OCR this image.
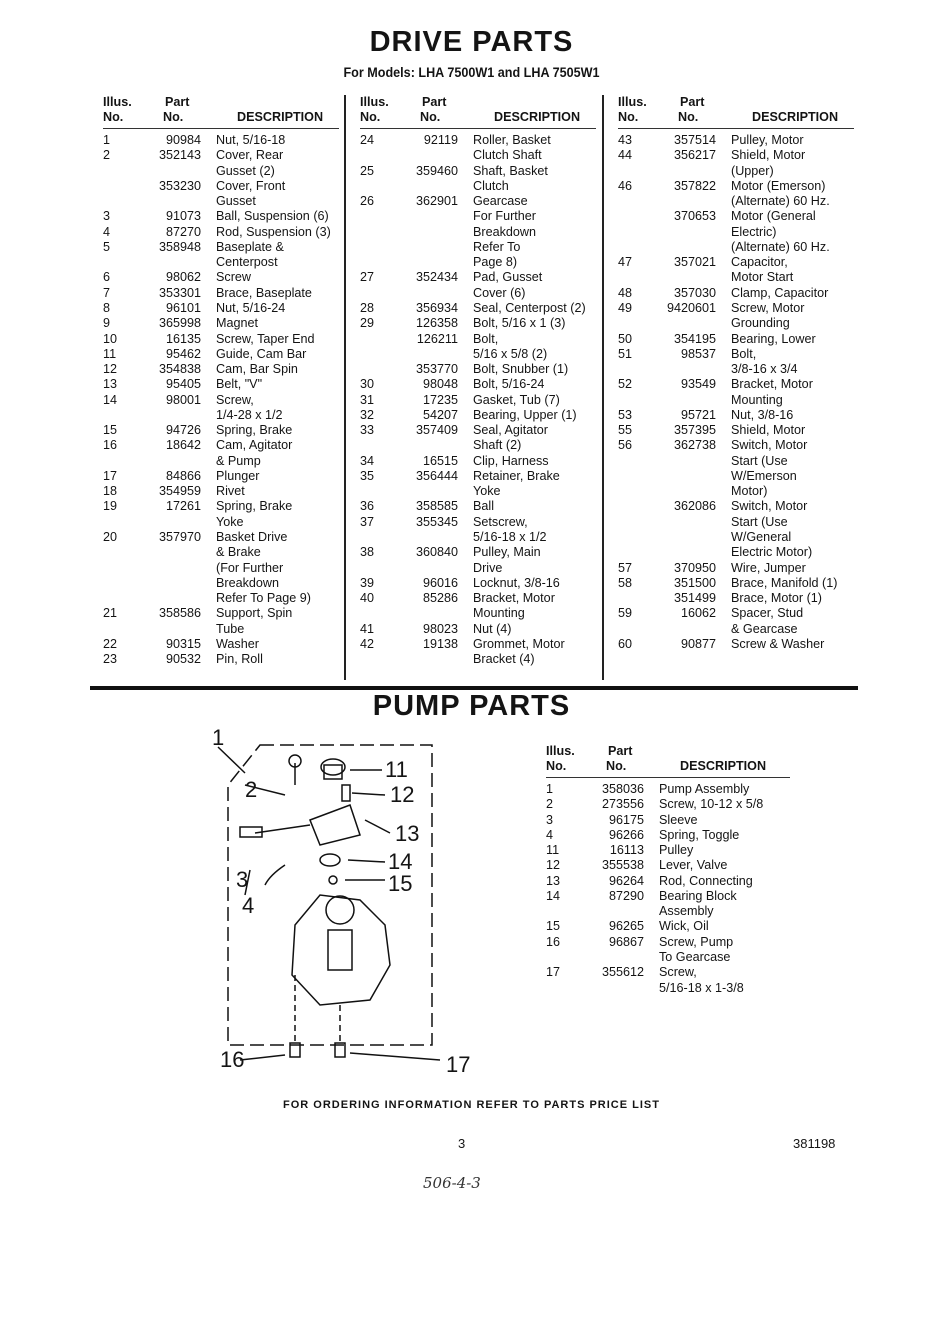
DRIVE PARTS
For Models: LHA 7500W1 and LHA 7505W1
Illus.
No.
Part
No.	DESCRIPTION
1	90984 Nut, 5/16-18
2	352143 Cover, Rear
Gusset (2)
353230 Cover, Front
Gusset
3	91073 Ball, Suspension (6)
4	87270 Rod, Suspension (3)
5	358948 Baseplate &
Centerpost
6	98062 Screw
7	353301 Brace, Baseplate
8	96101 Nut, 5/16-24
9	365998 Magnet
10	16135 Screw, Taper End
11	95462 Guide, Cam Bar
12	354838 Cam, Bar Spin
13	95405 Belt, "V"
14	98001 Screw,
1/4-28 x 1/2
15	94726 Spring, Brake
16	18642 Cam, Agitator
& Pump
17	84866 Plunger
18	354959 Rivet
19	17261 Spring, Brake
Yoke
20	357970 Basket Drive
& Brake
(For Further
Breakdown
Refer To Page 9)
21	358586 Support, Spin
Tube
22	90315 Washer
23	90532 Pin, Roll
Illus.
No.
Part
No.	DESCRIPTION
24	92119 Roller, Basket
Clutch Shaft
25	359460 Shaft, Basket
Clutch
26	362901 Gearcase
For Further
Breakdown
Refer To
Page 8)
27	352434 Pad, Gusset
Cover (6)
28	356934 Seal, Centerpost (2)
29	126358 Bolt, 5/16 x 1 (3)
126211 Bolt,
5/16 x 5/8 (2)
353770 Bolt, Snubber (1)
30	98048 Bolt, 5/16-24
31	17235 Gasket, Tub (7)
32	54207 Bearing, Upper (1)
33	357409 Seal, Agitator
Shaft (2)
34	16515 Clip, Harness
35	356444 Retainer, Brake
Yoke
36	358585 Ball
37	355345 Setscrew,
5/16-18 x 1/2
38	360840 Pulley, Main
Drive
39	96016 Locknut, 3/8-16
40	85286 Bracket, Motor
Mounting
41	98023 Nut (4)
42	19138 Grommet, Motor
Bracket (4)
Illus.
No.
Part
No.	DESCRIPTION
43	357514 Pulley, Motor
44	356217 Shield, Motor
(Upper)
46	357822 Motor (Emerson)
(Alternate) 60 Hz.
370653 Motor (General
Electric)
(Alternate) 60 Hz.
47	357021 Capacitor,
Motor Start
48	357030 Clamp, Capacitor
49	9420601 Screw, Motor
Grounding
50	354195 Bearing, Lower
51	98537 Bolt,
3/8-16 x 3/4
52	93549 Bracket, Motor
Mounting
53	95721 Nut, 3/8-16
55	357395 Shield, Motor
56	362738 Switch, Motor
Start (Use
W/Emerson
Motor)
362086 Switch, Motor
Start (Use
W/General
Electric Motor)
57	370950 Wire, Jumper
58	351500 Brace, Manifold (1)
351499 Brace, Motor (1)
59	16062 Spacer, Stud
& Gearcase
60	90877 Screw & Washer
PUMP PARTS
1
2
11
12
13
14
15
3
4
16	17
Illus.
No.
Part
No.	DESCRIPTION
1	358036 Pump Assembly
2	273556 Screw, 10-12 x 5/8
3	96175 Sleeve
4	96266 Spring, Toggle
11	16113 Pulley
12	355538 Lever, Valve
13	96264 Rod, Connecting
14	87290 Bearing Block
Assembly
15	96265 Wick, Oil
16	96867 Screw, Pump
To Gearcase
17	355612 Screw,
5/16-18 x 1-3/8
FOR ORDERING INFORMATION REFER TO PARTS PRICE LIST
3	381198
506-4-3
